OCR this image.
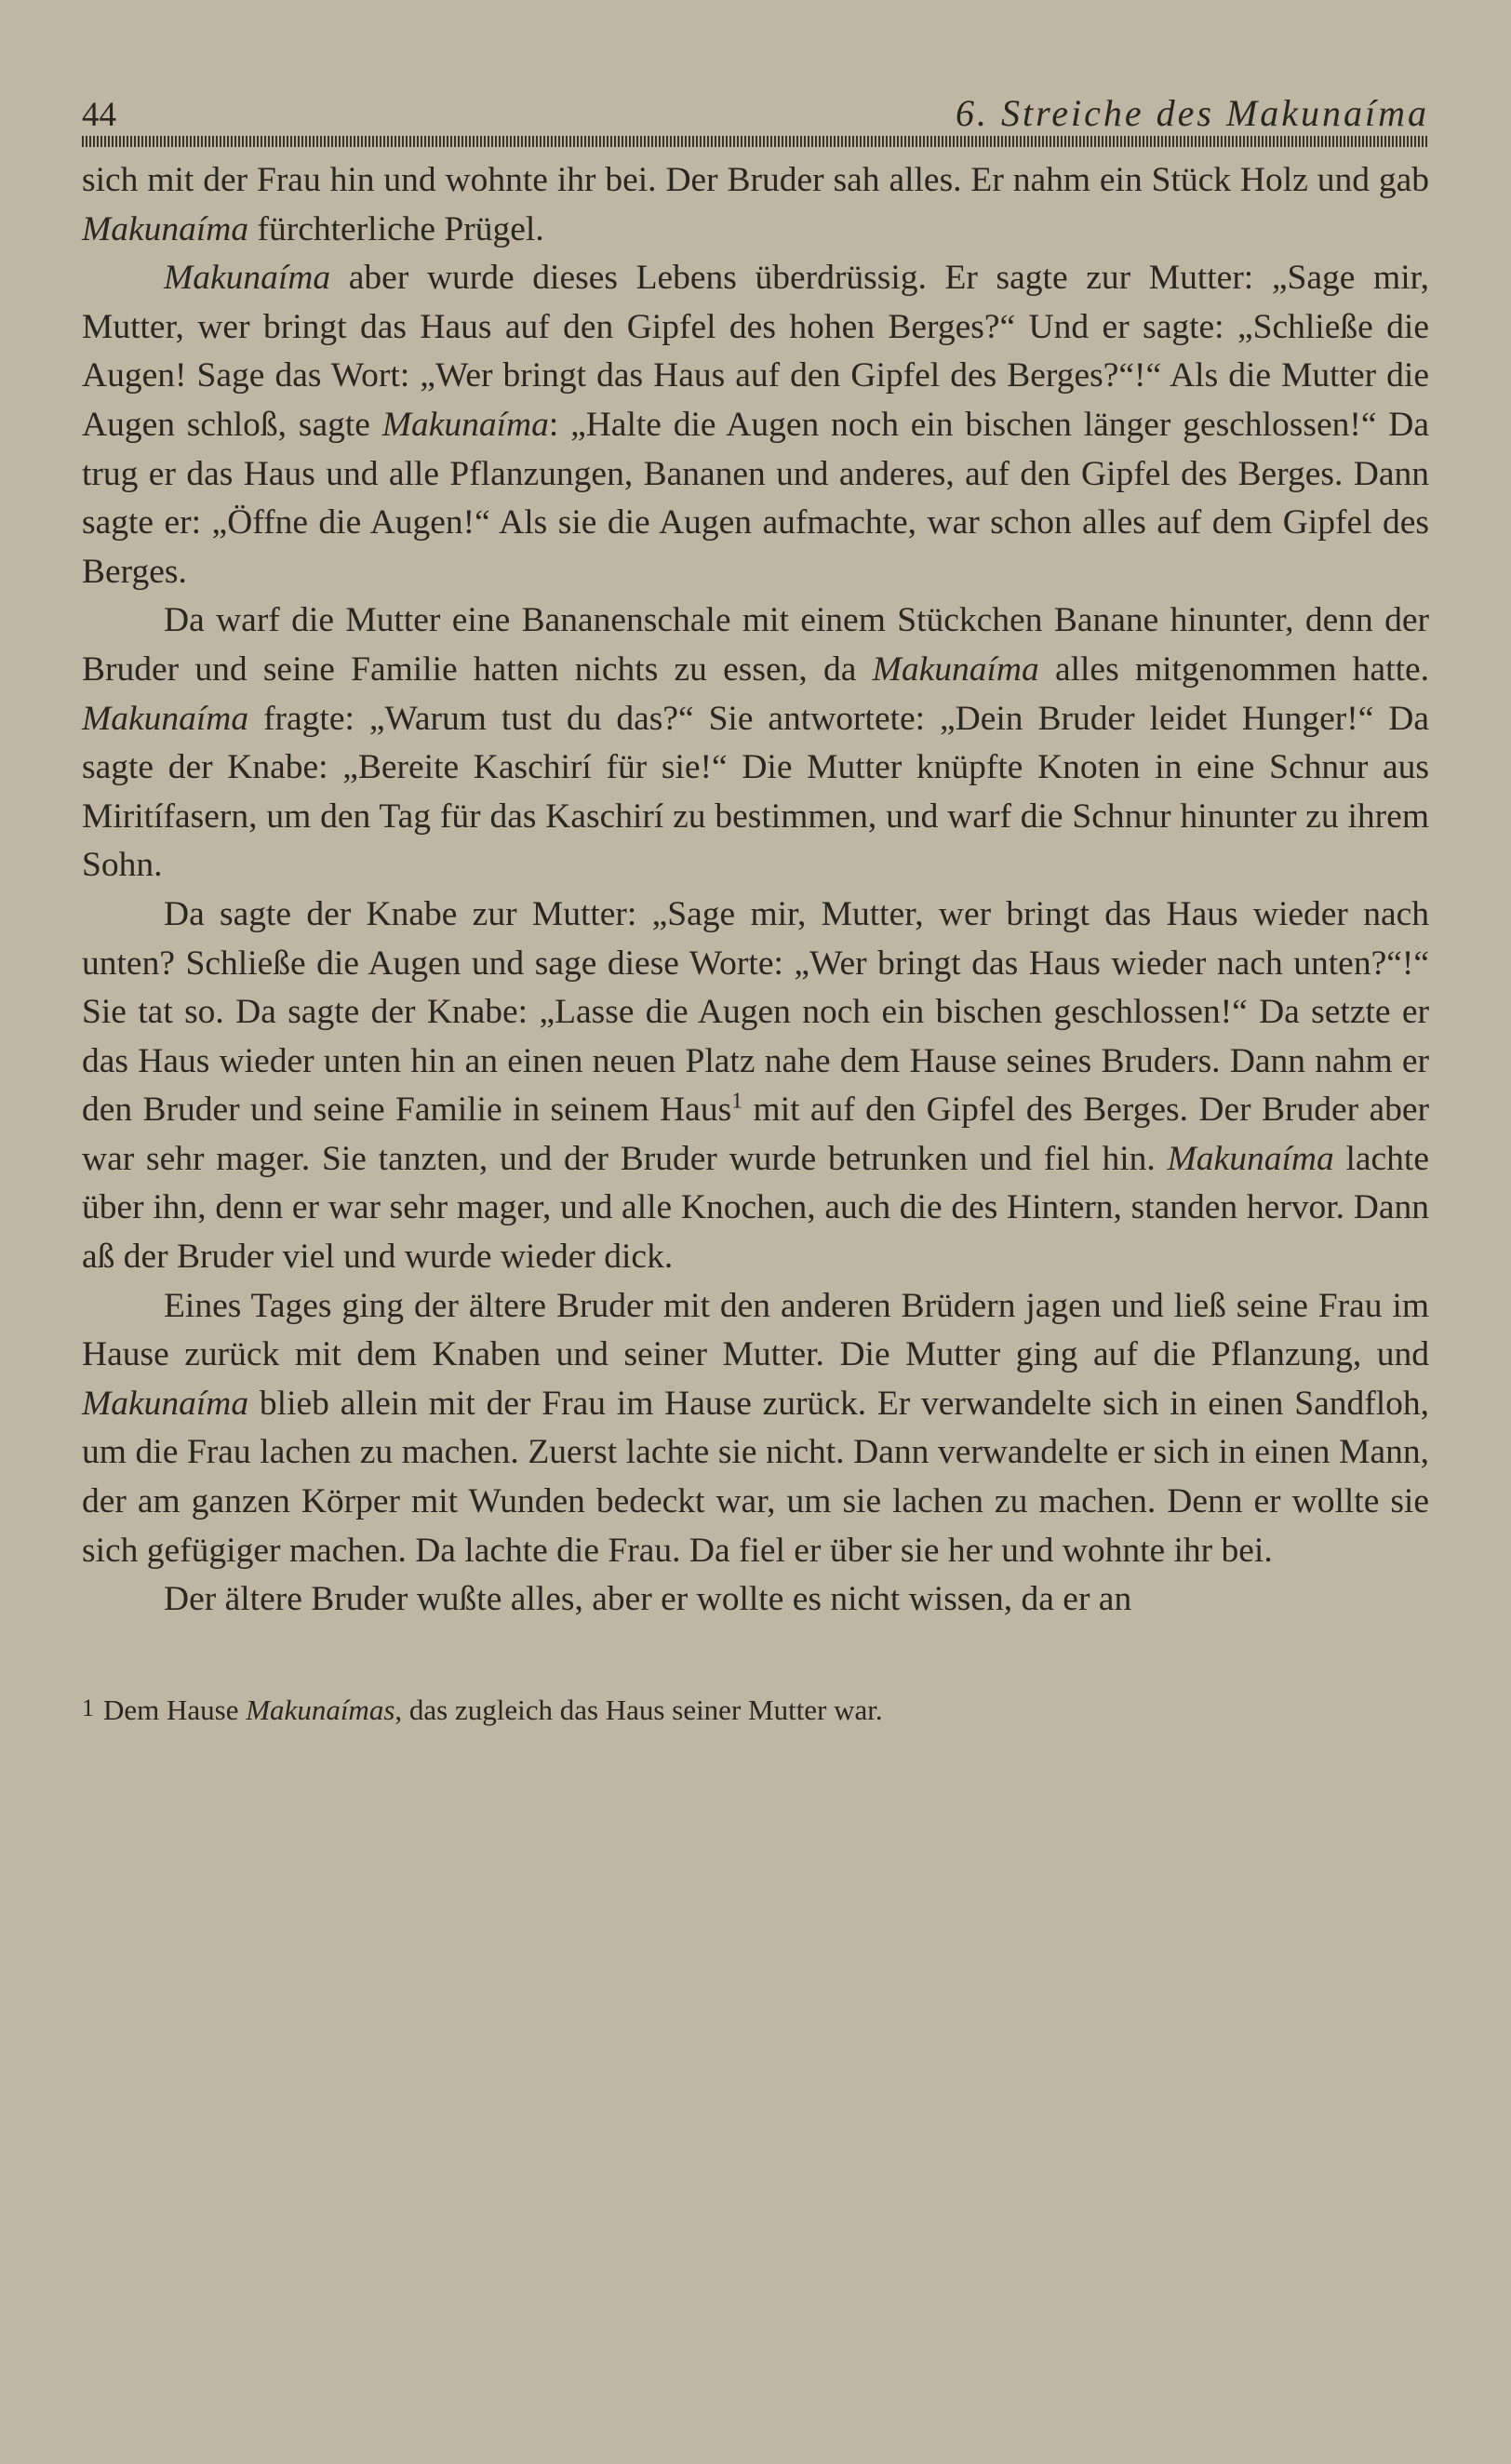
44	6. Streiche des Makunaíma

sich mit der Frau hin und wohnte ihr bei. Der Bruder sah alles. Er nahm ein Stück Holz und gab Makunaíma fürchterliche Prügel.

Makunaíma aber wurde dieses Lebens überdrüssig. Er sagte zur Mutter: „Sage mir, Mutter, wer bringt das Haus auf den Gipfel des hohen Berges?“ Und er sagte: „Schließe die Augen! Sage das Wort: „Wer bringt das Haus auf den Gipfel des Berges?“!“ Als die Mutter die Augen schloß, sagte Makunaíma: „Halte die Augen noch ein bischen länger geschlossen!“ Da trug er das Haus und alle Pflanzungen, Bananen und anderes, auf den Gipfel des Berges. Dann sagte er: „Öffne die Augen!“ Als sie die Augen aufmachte, war schon alles auf dem Gipfel des Berges.

Da warf die Mutter eine Bananenschale mit einem Stückchen Banane hinunter, denn der Bruder und seine Familie hatten nichts zu essen, da Makunaíma alles mitgenommen hatte. Makunaíma fragte: „Warum tust du das?“ Sie antwortete: „Dein Bruder leidet Hunger!“ Da sagte der Knabe: „Bereite Kaschirí für sie!“ Die Mutter knüpfte Knoten in eine Schnur aus Miritífasern, um den Tag für das Kaschirí zu bestimmen, und warf die Schnur hinunter zu ihrem Sohn.

Da sagte der Knabe zur Mutter: „Sage mir, Mutter, wer bringt das Haus wieder nach unten? Schließe die Augen und sage diese Worte: „Wer bringt das Haus wieder nach unten?“!“ Sie tat so. Da sagte der Knabe: „Lasse die Augen noch ein bischen geschlossen!“ Da setzte er das Haus wieder unten hin an einen neuen Platz nahe dem Hause seines Bruders. Dann nahm er den Bruder und seine Familie in seinem Haus$^1$ mit auf den Gipfel des Berges. Der Bruder aber war sehr mager. Sie tanzten, und der Bruder wurde betrunken und fiel hin. Makunaíma lachte über ihn, denn er war sehr mager, und alle Knochen, auch die des Hintern, standen hervor. Dann aß der Bruder viel und wurde wieder dick.

Eines Tages ging der ältere Bruder mit den anderen Brüdern jagen und ließ seine Frau im Hause zurück mit dem Knaben und seiner Mutter. Die Mutter ging auf die Pflanzung, und Makunaíma blieb allein mit der Frau im Hause zurück. Er verwandelte sich in einen Sandfloh, um die Frau lachen zu machen. Zuerst lachte sie nicht. Dann verwandelte er sich in einen Mann, der am ganzen Körper mit Wunden bedeckt war, um sie lachen zu machen. Denn er wollte sie sich gefügiger machen. Da lachte die Frau. Da fiel er über sie her und wohnte ihr bei.

Der ältere Bruder wußte alles, aber er wollte es nicht wissen, da er an

1 Dem Hause Makunaímas, das zugleich das Haus seiner Mutter war.
